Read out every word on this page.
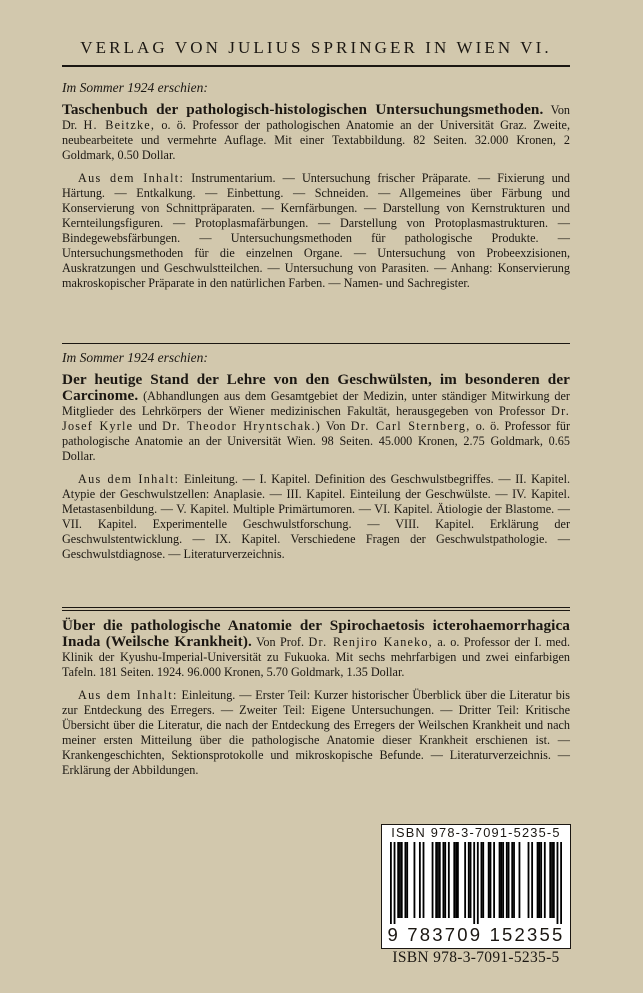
VERLAG VON JULIUS SPRINGER IN WIEN VI.

Im Sommer 1924 erschien:

Taschenbuch der pathologisch-histologischen Untersuchungsmethoden. Von Dr. H. Beitzke, o. ö. Professor der pathologischen Anatomie an der Universität Graz. Zweite, neubearbeitete und vermehrte Auflage. Mit einer Textabbildung. 82 Seiten. 32.000 Kronen, 2 Goldmark, 0.50 Dollar.

Aus dem Inhalt: Instrumentarium. — Untersuchung frischer Präparate. — Fixierung und Härtung. — Entkalkung. — Einbettung. — Schneiden. — Allgemeines über Färbung und Konservierung von Schnittpräparaten. — Kernfärbungen. — Darstellung von Kernstrukturen und Kernteilungsfiguren. — Protoplasmafärbungen. — Darstellung von Protoplasmastrukturen. — Bindegewebsfärbungen. — Untersuchungsmethoden für pathologische Produkte. — Untersuchungsmethoden für die einzelnen Organe. — Untersuchung von Probeexzisionen, Auskratzungen und Geschwulstteilchen. — Untersuchung von Parasiten. — Anhang: Konservierung makroskopischer Präparate in den natürlichen Farben. — Namen- und Sachregister.

Im Sommer 1924 erschien:

Der heutige Stand der Lehre von den Geschwülsten, im besonderen der Carcinome. (Abhandlungen aus dem Gesamtgebiet der Medizin, unter ständiger Mitwirkung der Mitglieder des Lehrkörpers der Wiener medizinischen Fakultät, herausgegeben von Professor Dr. Josef Kyrle und Dr. Theodor Hryntschak.) Von Dr. Carl Sternberg, o. ö. Professor für pathologische Anatomie an der Universität Wien. 98 Seiten. 45.000 Kronen, 2.75 Goldmark, 0.65 Dollar.

Aus dem Inhalt: Einleitung. — I. Kapitel. Definition des Geschwulstbegriffes. — II. Kapitel. Atypie der Geschwulstzellen: Anaplasie. — III. Kapitel. Einteilung der Geschwülste. — IV. Kapitel. Metastasenbildung. — V. Kapitel. Multiple Primärtumoren. — VI. Kapitel. Ätiologie der Blastome. — VII. Kapitel. Experimentelle Geschwulstforschung. — VIII. Kapitel. Erklärung der Geschwulstentwicklung. — IX. Kapitel. Verschiedene Fragen der Geschwulstpathologie. — Geschwulstdiagnose. — Literaturverzeichnis.

Über die pathologische Anatomie der Spirochaetosis icterohaemorrhagica Inada (Weilsche Krankheit). Von Prof. Dr. Renjiro Kaneko, a. o. Professor der I. med. Klinik der Kyushu-Imperial-Universität zu Fukuoka. Mit sechs mehrfarbigen und zwei einfarbigen Tafeln. 181 Seiten. 1924. 96.000 Kronen, 5.70 Goldmark, 1.35 Dollar.

Aus dem Inhalt: Einleitung. — Erster Teil: Kurzer historischer Überblick über die Literatur bis zur Entdeckung des Erregers. — Zweiter Teil: Eigene Untersuchungen. — Dritter Teil: Kritische Übersicht über die Literatur, die nach der Entdeckung des Erregers der Weilschen Krankheit und nach meiner ersten Mitteilung über die pathologische Anatomie dieser Krankheit erschienen ist. — Krankengeschichten, Sektionsprotokolle und mikroskopische Befunde. — Literaturverzeichnis. — Erklärung der Abbildungen.

ISBN 978-3-7091-5235-5
9 783709 152355
ISBN 978-3-7091-5235-5
